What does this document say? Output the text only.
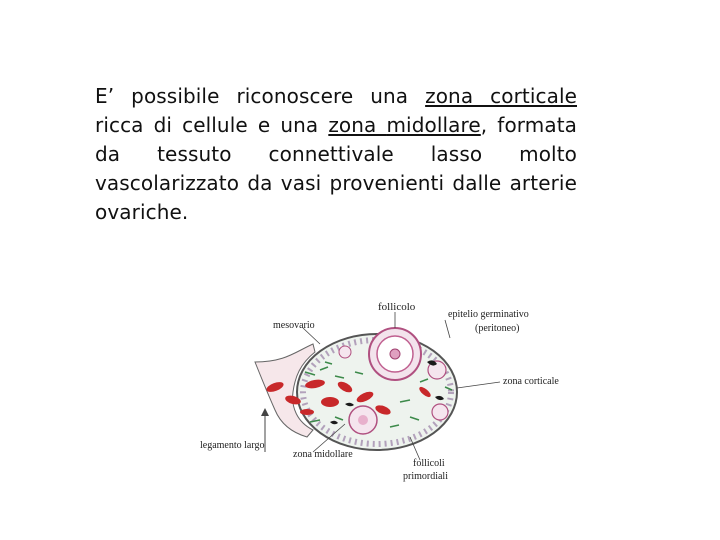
E’ possibile riconoscere una zona corticale ricca di cellule e una zona midollare, formata da tessuto connettivale lasso molto vascolarizzato da vasi provenienti dalle arterie ovariche.
follicolo
epitelio germinativo
(peritoneo)
mesovario
zona corticale
legamento largo
zona midollare
follicoli
primordiali
